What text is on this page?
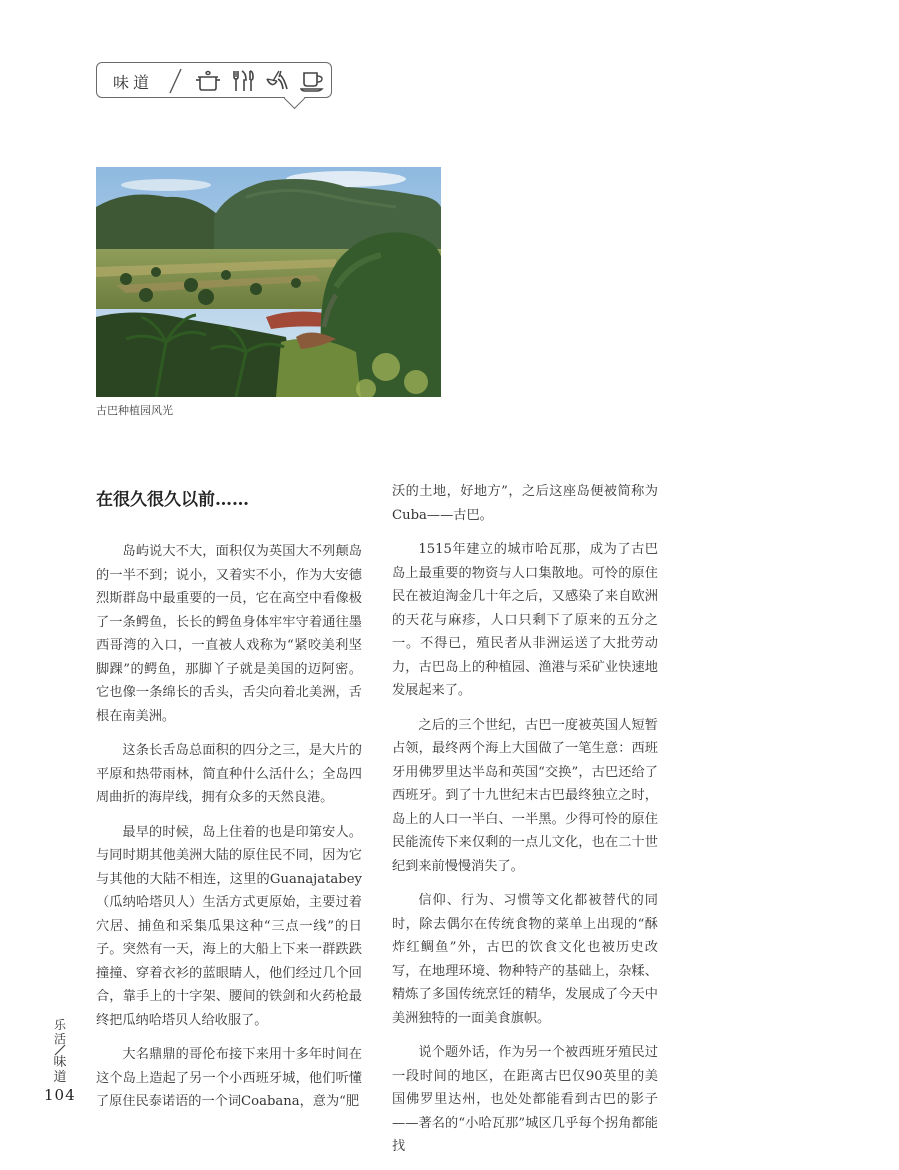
味道
古巴种植园风光
在很久很久以前……

岛屿说大不大，面积仅为英国大不列颠岛的一半不到；说小，又着实不小，作为大安德烈斯群岛中最重要的一员，它在高空中看像极了一条鳄鱼，长长的鳄鱼身体牢牢守着通往墨西哥湾的入口，一直被人戏称为“紧咬美利坚脚踝”的鳄鱼，那脚丫子就是美国的迈阿密。它也像一条绵长的舌头，舌尖向着北美洲，舌根在南美洲。

这条长舌岛总面积的四分之三，是大片的平原和热带雨林，简直种什么活什么；全岛四周曲折的海岸线，拥有众多的天然良港。

最早的时候，岛上住着的也是印第安人。与同时期其他美洲大陆的原住民不同，因为它与其他的大陆不相连，这里的Guanajatabey（瓜纳哈塔贝人）生活方式更原始，主要过着穴居、捕鱼和采集瓜果这种“三点一线”的日子。突然有一天，海上的大船上下来一群跌跌撞撞、穿着衣衫的蓝眼睛人，他们经过几个回合，靠手上的十字架、腰间的铁剑和火药枪最终把瓜纳哈塔贝人给收服了。

大名鼎鼎的哥伦布接下来用十多年时间在这个岛上造起了另一个小西班牙城，他们听懂了原住民泰诺语的一个词Coabana，意为“肥

沃的土地，好地方”，之后这座岛便被简称为Cuba——古巴。

1515年建立的城市哈瓦那，成为了古巴岛上最重要的物资与人口集散地。可怜的原住民在被迫淘金几十年之后，又感染了来自欧洲的天花与麻疹，人口只剩下了原来的五分之一。不得已，殖民者从非洲运送了大批劳动力，古巴岛上的种植园、渔港与采矿业快速地发展起来了。

之后的三个世纪，古巴一度被英国人短暂占领，最终两个海上大国做了一笔生意：西班牙用佛罗里达半岛和英国“交换”，古巴还给了西班牙。到了十九世纪末古巴最终独立之时，岛上的人口一半白、一半黑。少得可怜的原住民能流传下来仅剩的一点儿文化，也在二十世纪到来前慢慢消失了。

信仰、行为、习惯等文化都被替代的同时，除去偶尔在传统食物的菜单上出现的“酥炸红鲷鱼”外，古巴的饮食文化也被历史改写，在地理环境、物种特产的基础上，杂糅、精炼了多国传统烹饪的精华，发展成了今天中美洲独特的一面美食旗帜。

说个题外话，作为另一个被西班牙殖民过一段时间的地区，在距离古巴仅90英里的美国佛罗里达州，也处处都能看到古巴的影子——著名的“小哈瓦那”城区几乎每个拐角都能找

乐
活
味
道
104
